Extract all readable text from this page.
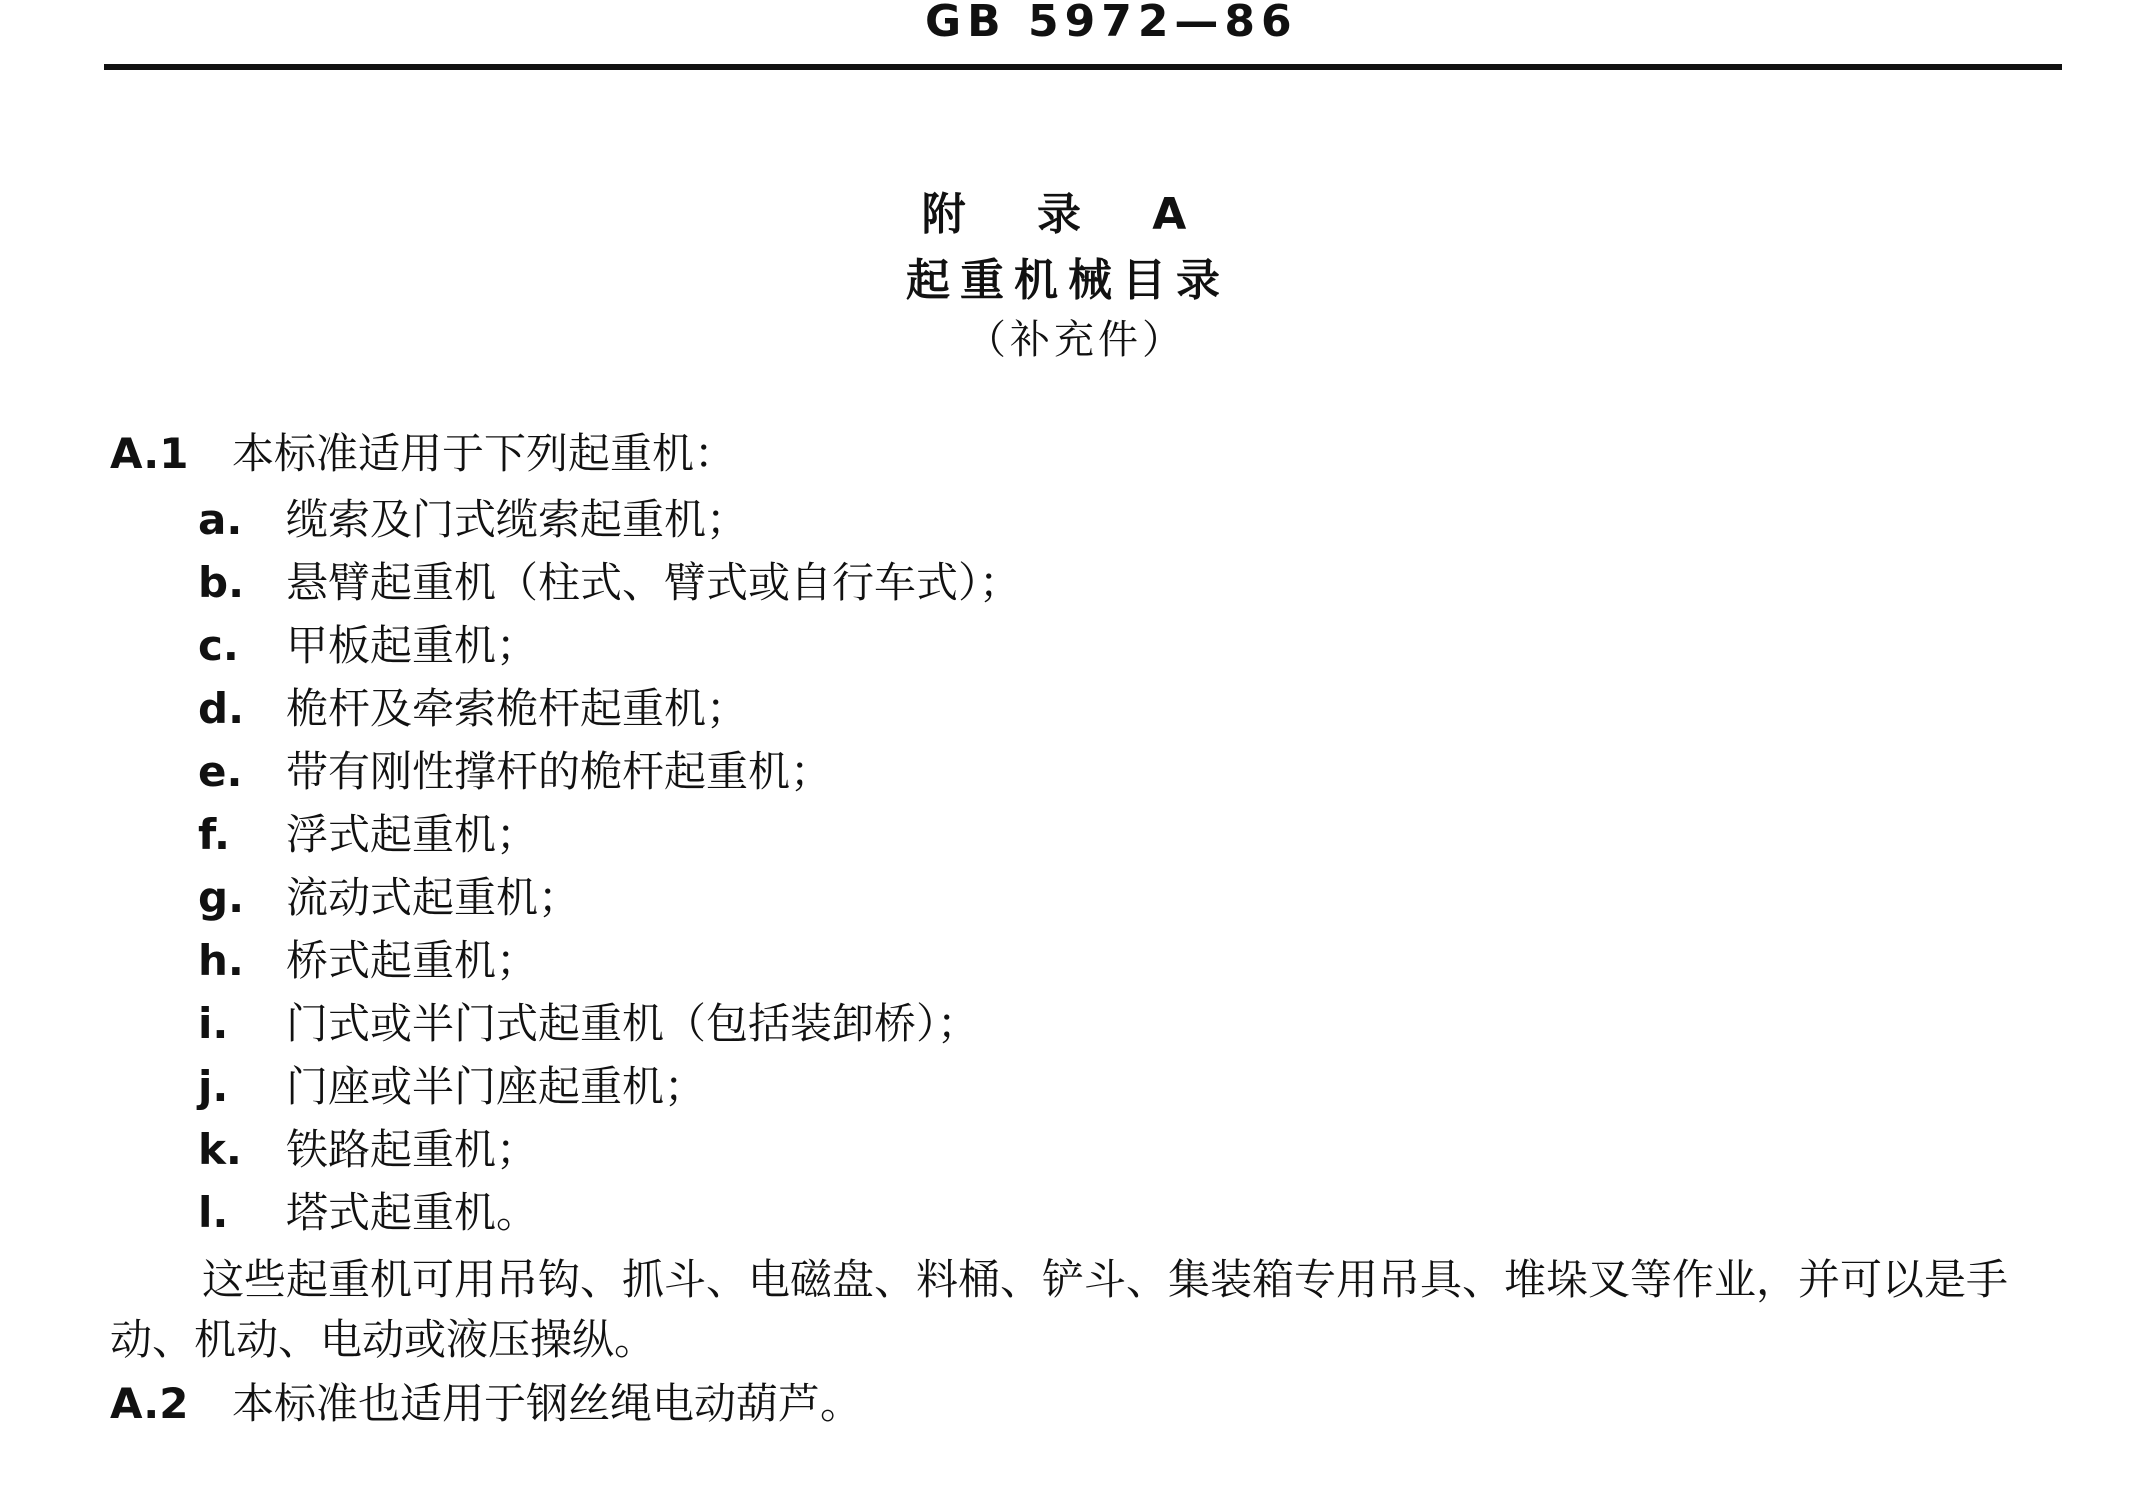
GB 5972—86
附 录 A
起重机械目录
（补充件）
A.1 本标准适用于下列起重机：
a. 缆索及门式缆索起重机；
b. 悬臂起重机（柱式、臂式或自行车式）；
c. 甲板起重机；
d. 桅杆及牵索桅杆起重机；
e. 带有刚性撑杆的桅杆起重机；
f. 浮式起重机；
g. 流动式起重机；
h. 桥式起重机；
i. 门式或半门式起重机（包括装卸桥）；
j. 门座或半门座起重机；
k. 铁路起重机；
l. 塔式起重机。
这些起重机可用吊钩、抓斗、电磁盘、料桶、铲斗、集装箱专用吊具、堆垛叉等作业，并可以是手动、机动、电动或液压操纵。
A.2 本标准也适用于钢丝绳电动葫芦。
